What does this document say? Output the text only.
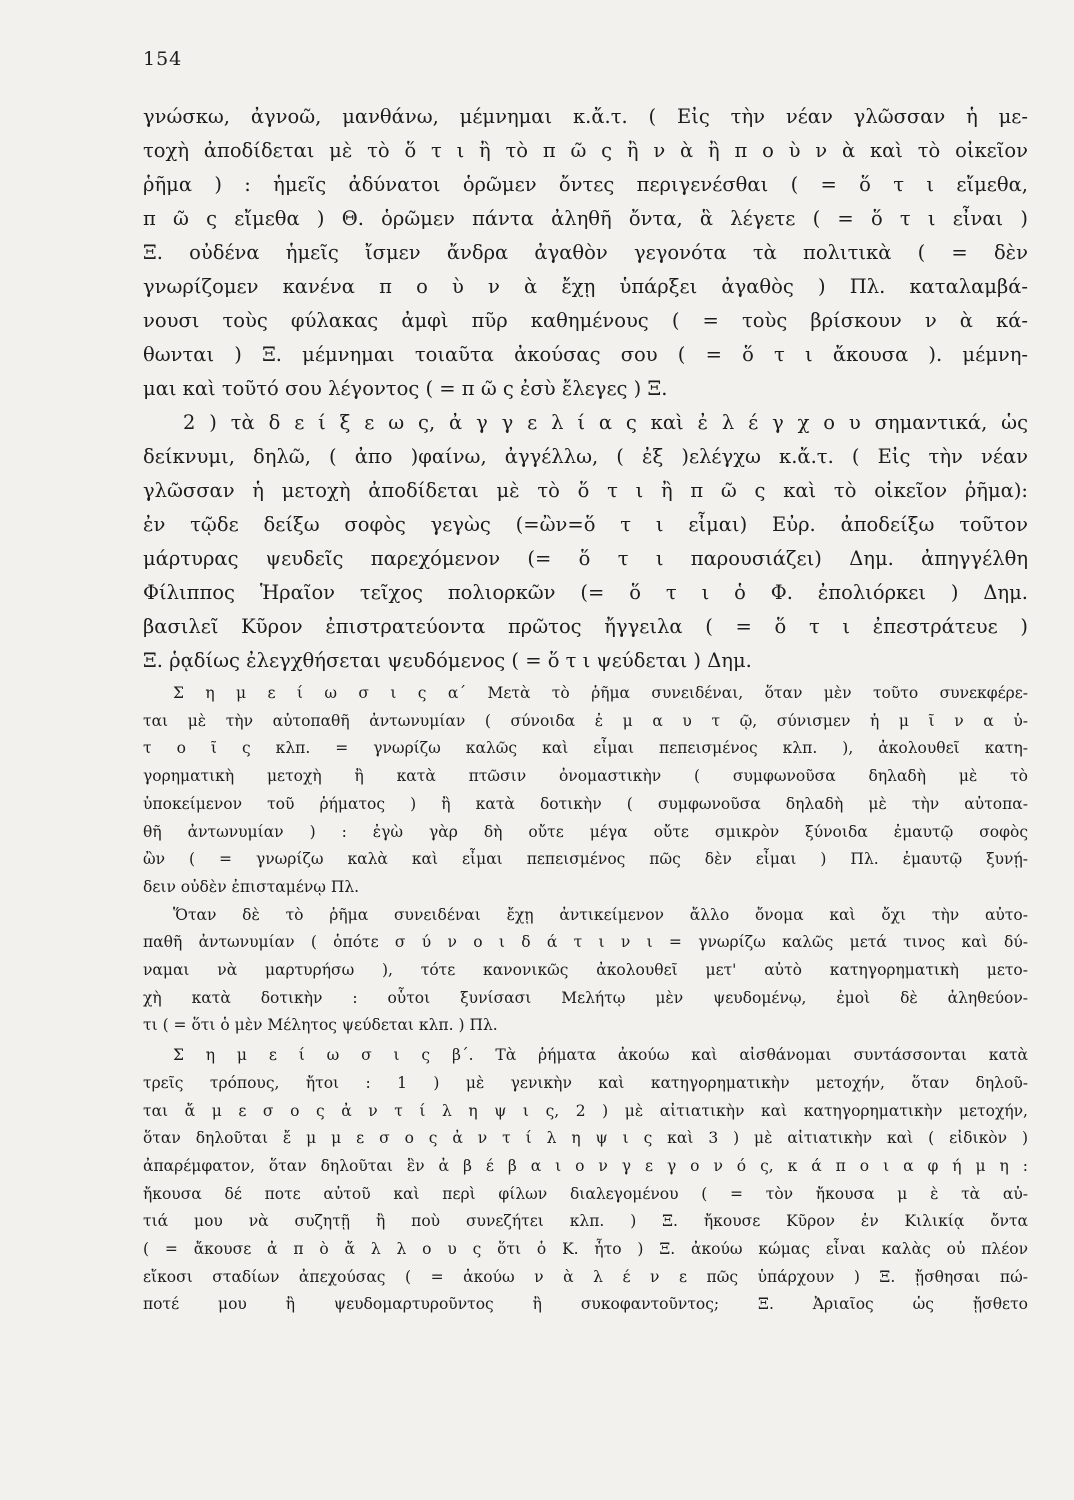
154
γνώσκω, ἀγνοῶ, μανθάνω, μέμνημαι κ.ἄ.τ. ( Εἰς τὴν νέαν γλῶσσαν ἡ με-
τοχὴ ἀποδίδεται μὲ τὸ ὅ τ ι ἢ τὸ π ῶ ς ἢ ν ὰ ἢ π ο ὺ ν ὰ καὶ τὸ οἰκεῖον
ῥῆμα ) : ἡμεῖς ἀδύνατοι ὁρῶμεν ὄντες περιγενέσθαι ( = ὅ τ ι εἴμεθα,
π ῶ ς εἴμεθα ) Θ. ὁρῶμεν πάντα ἀληθῆ ὄντα, ἃ λέγετε ( = ὅ τ ι εἶναι )
Ξ. οὐδένα ἡμεῖς ἴσμεν ἄνδρα ἀγαθὸν γεγονότα τὰ πολιτικὰ ( = δὲν
γνωρίζομεν κανένα π ο ὺ ν ὰ ἔχῃ ὑπάρξει ἀγαθὸς ) Πλ. καταλαμβά-
νουσι τοὺς φύλακας ἀμφὶ πῦρ καθημένους ( = τοὺς βρίσκουν ν ὰ κά-
θωνται ) Ξ. μέμνημαι τοιαῦτα ἀκούσας σου ( = ὅ τ ι ἄκουσα ). μέμνη-
μαι καὶ τοῦτό σου λέγοντος ( = π ῶ ς ἐσὺ ἔλεγες ) Ξ.
2 ) τὰ δ ε ί ξ ε ω ς, ἀ γ γ ε λ ί α ς καὶ ἐ λ έ γ χ ο υ σημαντικά, ὡς
δείκνυμι, δηλῶ, ( ἀπο )φαίνω, ἀγγέλλω, ( ἐξ )ελέγχω κ.ἄ.τ. ( Εἰς τὴν νέαν
γλῶσσαν ἡ μετοχὴ ἀποδίδεται μὲ τὸ ὅ τ ι ἢ π ῶ ς καὶ τὸ οἰκεῖον ῥῆμα):
ἐν τῷδε δείξω σοφὸς γεγὼς (=ὢν=ὅ τ ι εἶμαι) Εὐρ. ἀποδείξω τοῦτον
μάρτυρας ψευδεῖς παρεχόμενον (= ὅ τ ι παρουσιάζει) Δημ. ἀπηγγέλθη
Φίλιππος Ἡραῖον τεῖχος πολιορκῶν (= ὅ τ ι ὁ Φ. ἐπολιόρκει ) Δημ.
βασιλεῖ Κῦρον ἐπιστρατεύοντα πρῶτος ἤγγειλα ( = ὅ τ ι ἐπεστράτευε )
Ξ. ῥᾳδίως ἐλεγχθήσεται ψευδόμενος ( = ὅ τ ι ψεύδεται ) Δημ.
Σ η μ ε ί ω σ ι ς α΄ Μετὰ τὸ ῥῆμα συνειδέναι, ὅταν μὲν τοῦτο συνεκφέρε-
ται μὲ τὴν αὐτοπαθῆ ἀντωνυμίαν ( σύνοιδα ἐ μ α υ τ ῷ, σύνισμεν ἡ μ ῖ ν α ὐ-
τ ο ῖ ς κλπ. = γνωρίζω καλῶς καὶ εἶμαι πεπεισμένος κλπ. ), ἀκολουθεῖ κατη-
γορηματικὴ μετοχὴ ἢ κατὰ πτῶσιν ὀνομαστικὴν ( συμφωνοῦσα δηλαδὴ μὲ τὸ
ὑποκείμενον τοῦ ῥήματος ) ἢ κατὰ δοτικὴν ( συμφωνοῦσα δηλαδὴ μὲ τὴν αὐτοπα-
θῆ ἀντωνυμίαν ) : ἐγὼ γὰρ δὴ οὔτε μέγα οὔτε σμικρὸν ξύνοιδα ἐμαυτῷ σοφὸς
ὢν ( = γνωρίζω καλὰ καὶ εἶμαι πεπεισμένος πῶς δὲν εἶμαι ) Πλ. ἐμαυτῷ ξυνῄ-
δειν οὐδὲν ἐπισταμένῳ Πλ.
Ὅταν δὲ τὸ ῥῆμα συνειδέναι ἔχῃ ἀντικείμενον ἄλλο ὄνομα καὶ ὄχι τὴν αὐτο-
παθῆ ἀντωνυμίαν ( ὁπότε σ ύ ν ο ι δ ά τ ι ν ι = γνωρίζω καλῶς μετά τινος καὶ δύ-
ναμαι νὰ μαρτυρήσω ), τότε κανονικῶς ἀκολουθεῖ μετ' αὐτὸ κατηγορηματικὴ μετο-
χὴ κατὰ δοτικὴν : οὗτοι ξυνίσασι Μελήτῳ μὲν ψευδομένῳ, ἐμοὶ δὲ ἀληθεύον-
τι ( = ὅτι ὁ μὲν Μέλητος ψεύδεται κλπ. ) Πλ.
Σ η μ ε ί ω σ ι ς β΄. Τὰ ῥήματα ἀκούω καὶ αἰσθάνομαι συντάσσονται κατὰ
τρεῖς τρόπους, ἤτοι : 1 ) μὲ γενικὴν καὶ κατηγορηματικὴν μετοχήν, ὅταν δηλοῦ-
ται ἄ μ ε σ ο ς ἀ ν τ ί λ η ψ ι ς, 2 ) μὲ αἰτιατικὴν καὶ κατηγορηματικὴν μετοχήν,
ὅταν δηλοῦται ἔ μ μ ε σ ο ς ἀ ν τ ί λ η ψ ι ς καὶ 3 ) μὲ αἰτιατικὴν καὶ ( εἰδικὸν )
ἀπαρέμφατον, ὅταν δηλοῦται ἓν ἀ β έ β α ι ο ν γ ε γ ο ν ό ς, κ ά π ο ι α φ ή μ η :
ἤκουσα δέ ποτε αὐτοῦ καὶ περὶ φίλων διαλεγομένου ( = τὸν ἤκουσα μ ὲ τὰ αὐ-
τιά μου νὰ συζητῇ ἢ ποὺ συνεζήτει κλπ. ) Ξ. ἤκουσε Κῦρον ἐν Κιλικίᾳ ὄντα
( = ἄκουσε ἀ π ὸ ἄ λ λ ο υ ς ὅτι ὁ Κ. ἦτο ) Ξ. ἀκούω κώμας εἶναι καλὰς οὐ πλέον
εἴκοσι σταδίων ἀπεχούσας ( = ἀκούω ν ὰ λ έ ν ε πῶς ὑπάρχουν ) Ξ. ᾔσθησαι πώ-
ποτέ μου ἢ ψευδομαρτυροῦντος ἢ συκοφαντοῦντος; Ξ. Ἀριαῖος ὡς ᾔσθετο
